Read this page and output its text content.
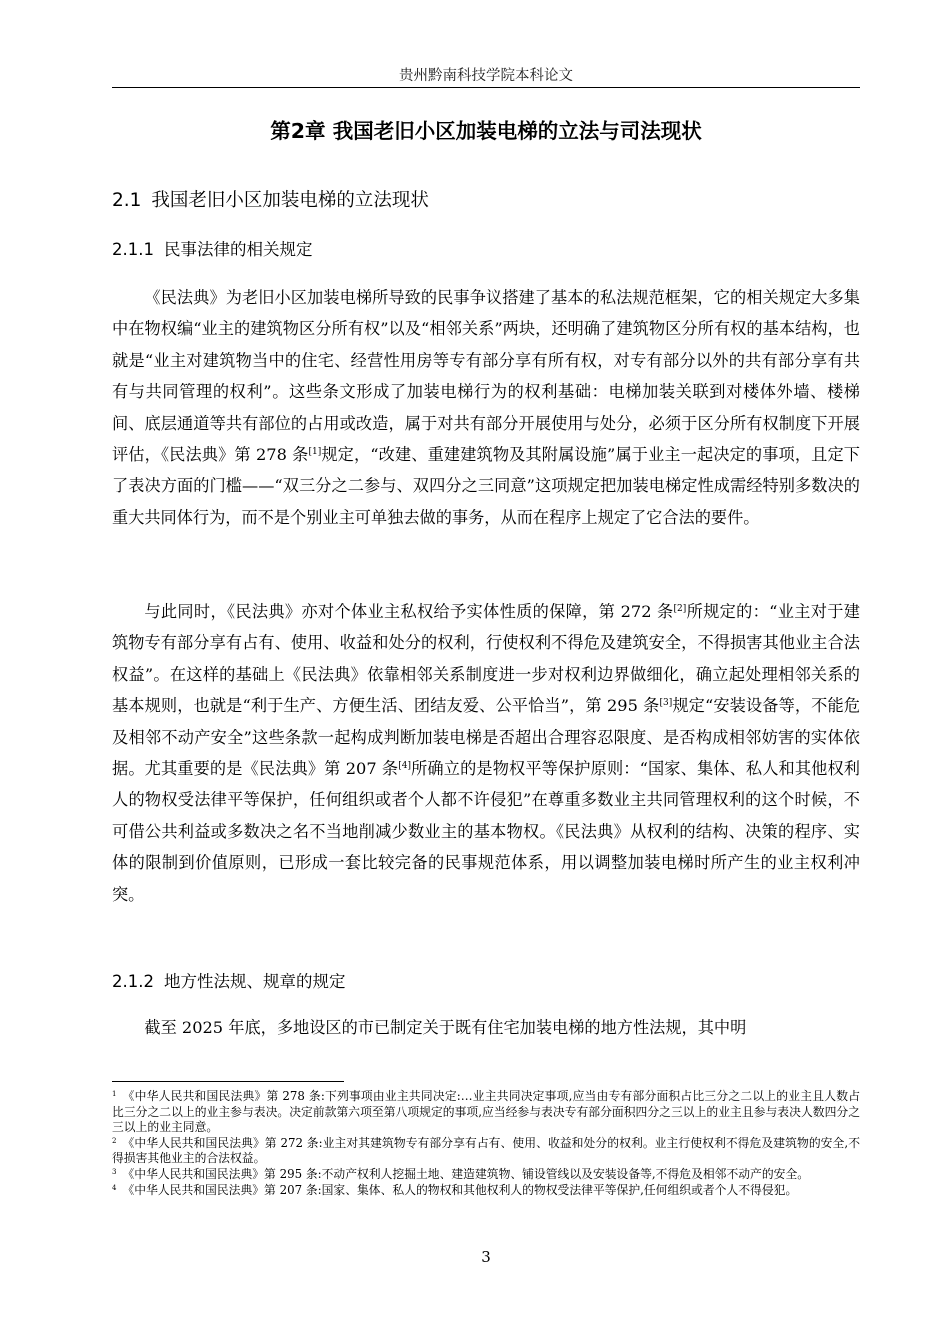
贵州黔南科技学院本科论文
第2章 我国老旧小区加装电梯的立法与司法现状
2.1 我国老旧小区加装电梯的立法现状
2.1.1 民事法律的相关规定

《民法典》为老旧小区加装电梯所导致的民事争议搭建了基本的私法规范框架，它的相关规定大多集中在物权编“业主的建筑物区分所有权”以及“相邻关系”两块，还明确了建筑物区分所有权的基本结构，也就是“业主对建筑物当中的住宅、经营性用房等专有部分享有所有权，对专有部分以外的共有部分享有共有与共同管理的权利”。这些条文形成了加装电梯行为的权利基础：电梯加装关联到对楼体外墙、楼梯间、底层通道等共有部位的占用或改造，属于对共有部分开展使用与处分，必须于区分所有权制度下开展评估，《民法典》第 278 条[1]规定，“改建、重建建筑物及其附属设施”属于业主一起决定的事项，且定下了表决方面的门槛——“双三分之二参与、双四分之三同意”这项规定把加装电梯定性成需经特别多数决的重大共同体行为，而不是个别业主可单独去做的事务，从而在程序上规定了它合法的要件。

与此同时，《民法典》亦对个体业主私权给予实体性质的保障，第 272 条[2]所规定的：“业主对于建筑物专有部分享有占有、使用、收益和处分的权利，行使权利不得危及建筑安全，不得损害其他业主合法权益”。在这样的基础上《民法典》依靠相邻关系制度进一步对权利边界做细化，确立起处理相邻关系的基本规则，也就是“利于生产、方便生活、团结友爱、公平恰当”，第 295 条[3]规定“安装设备等，不能危及相邻不动产安全”这些条款一起构成判断加装电梯是否超出合理容忍限度、是否构成相邻妨害的实体依据。尤其重要的是《民法典》第 207 条[4]所确立的是物权平等保护原则：“国家、集体、私人和其他权利人的物权受法律平等保护，任何组织或者个人都不许侵犯”在尊重多数业主共同管理权利的这个时候，不可借公共利益或多数决之名不当地削减少数业主的基本物权。《民法典》从权利的结构、决策的程序、实体的限制到价值原则，已形成一套比较完备的民事规范体系，用以调整加装电梯时所产生的业主权利冲突。

2.1.2 地方性法规、规章的规定

截至 2025 年底，多地设区的市已制定关于既有住宅加装电梯的地方性法规，其中明

$^1$ 《中华人民共和国民法典》第 278 条:下列事项由业主共同决定:…业主共同决定事项,应当由专有部分面积占比三分之二以上的业主且人数占比三分之二以上的业主参与表决。决定前款第六项至第八项规定的事项,应当经参与表决专有部分面积四分之三以上的业主且参与表决人数四分之三以上的业主同意。

$^2$ 《中华人民共和国民法典》第 272 条:业主对其建筑物专有部分享有占有、使用、收益和处分的权利。业主行使权利不得危及建筑物的安全,不得损害其他业主的合法权益。

$^3$ 《中华人民共和国民法典》第 295 条:不动产权利人挖掘土地、建造建筑物、铺设管线以及安装设备等,不得危及相邻不动产的安全。

$^4$ 《中华人民共和国民法典》第 207 条:国家、集体、私人的物权和其他权利人的物权受法律平等保护,任何组织或者个人不得侵犯。

3
